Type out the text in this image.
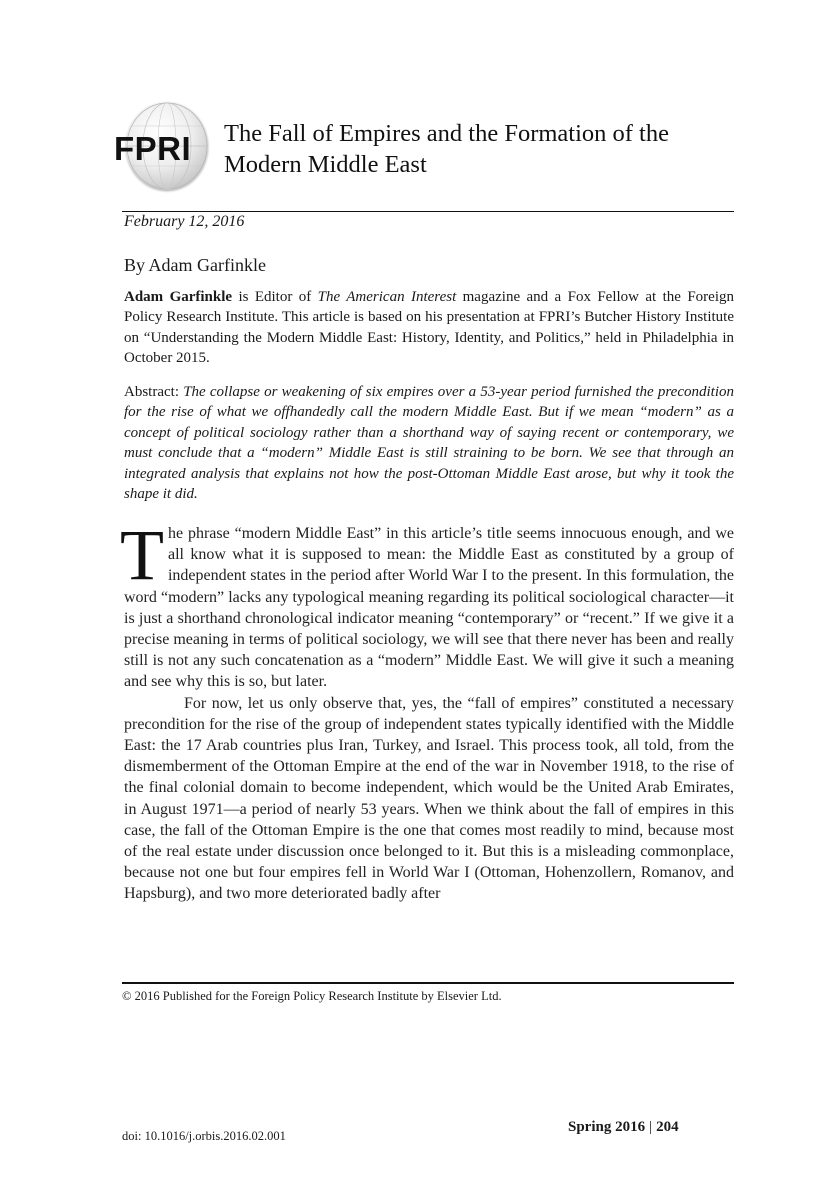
FPRI	The Fall of Empires and the Formation of the Modern Middle East
February 12, 2016
By Adam Garfinkle
Adam Garfinkle is Editor of The American Interest magazine and a Fox Fellow at the Foreign Policy Research Institute. This article is based on his presentation at FPRI’s Butcher History Institute on “Understanding the Modern Middle East: History, Identity, and Politics,” held in Philadelphia in October 2015.
Abstract: The collapse or weakening of six empires over a 53-year period furnished the precondition for the rise of what we offhandedly call the modern Middle East. But if we mean “modern” as a concept of political sociology rather than a shorthand way of saying recent or contemporary, we must conclude that a “modern” Middle East is still straining to be born. We see that through an integrated analysis that explains not how the post-Ottoman Middle East arose, but why it took the shape it did.

The phrase “modern Middle East” in this article’s title seems innocuous enough, and we all know what it is supposed to mean: the Middle East as constituted by a group of independent states in the period after World War I to the present. In this formulation, the word “modern” lacks any typological meaning regarding its political sociological character—it is just a shorthand chronological indicator meaning “contemporary” or “recent.” If we give it a precise meaning in terms of political sociology, we will see that there never has been and really still is not any such concatenation as a “modern” Middle East. We will give it such a meaning and see why this is so, but later.

For now, let us only observe that, yes, the “fall of empires” constituted a necessary precondition for the rise of the group of independent states typically identified with the Middle East: the 17 Arab countries plus Iran, Turkey, and Israel. This process took, all told, from the dismemberment of the Ottoman Empire at the end of the war in November 1918, to the rise of the final colonial domain to become independent, which would be the United Arab Emirates, in August 1971—a period of nearly 53 years. When we think about the fall of empires in this case, the fall of the Ottoman Empire is the one that comes most readily to mind, because most of the real estate under discussion once belonged to it. But this is a misleading commonplace, because not one but four empires fell in World War I (Ottoman, Hohenzollern, Romanov, and Hapsburg), and two more deteriorated badly after

© 2016 Published for the Foreign Policy Research Institute by Elsevier Ltd.
doi: 10.1016/j.orbis.2016.02.001
Spring 2016 | 204
